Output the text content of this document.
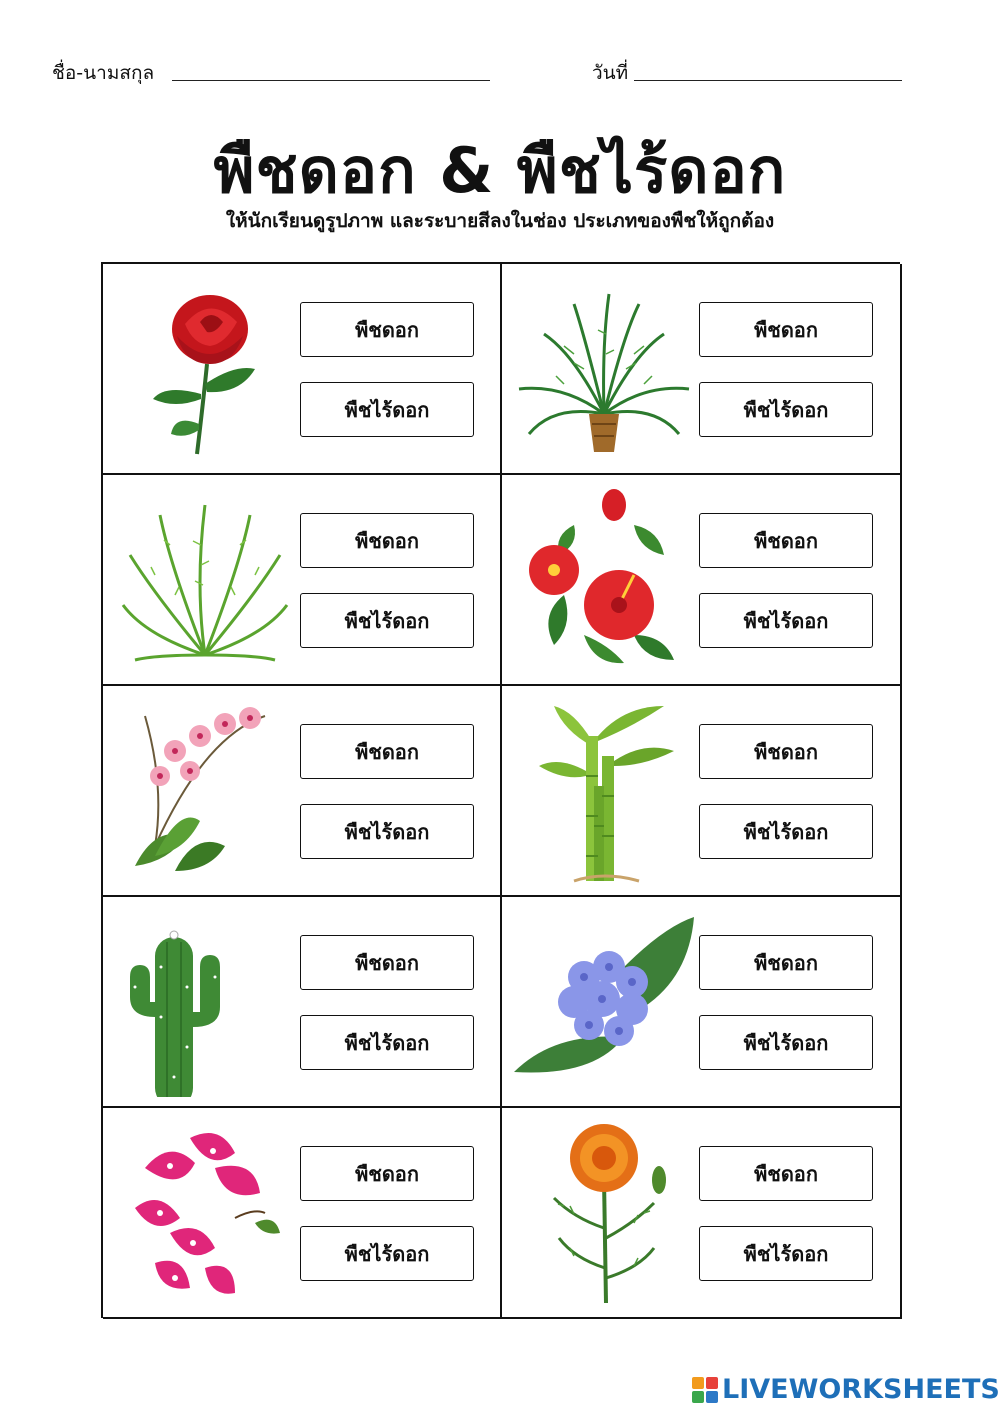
ชื่อ-นามสกุล	วันที่
พืชดอก & พืชไร้ดอก
ให้นักเรียนดูรูปภาพ และระบายสีลงในช่อง ประเภทของพืชให้ถูกต้อง
พืชดอก
พืชไร้ดอก
พืชดอก
พืชไร้ดอก
พืชดอก
พืชไร้ดอก
พืชดอก
พืชไร้ดอก
พืชดอก
พืชไร้ดอก
พืชดอก
พืชไร้ดอก
พืชดอก
พืชไร้ดอก
พืชดอก
พืชไร้ดอก
พืชดอก
พืชไร้ดอก
พืชดอก
พืชไร้ดอก
LIVEWORKSHEETS
